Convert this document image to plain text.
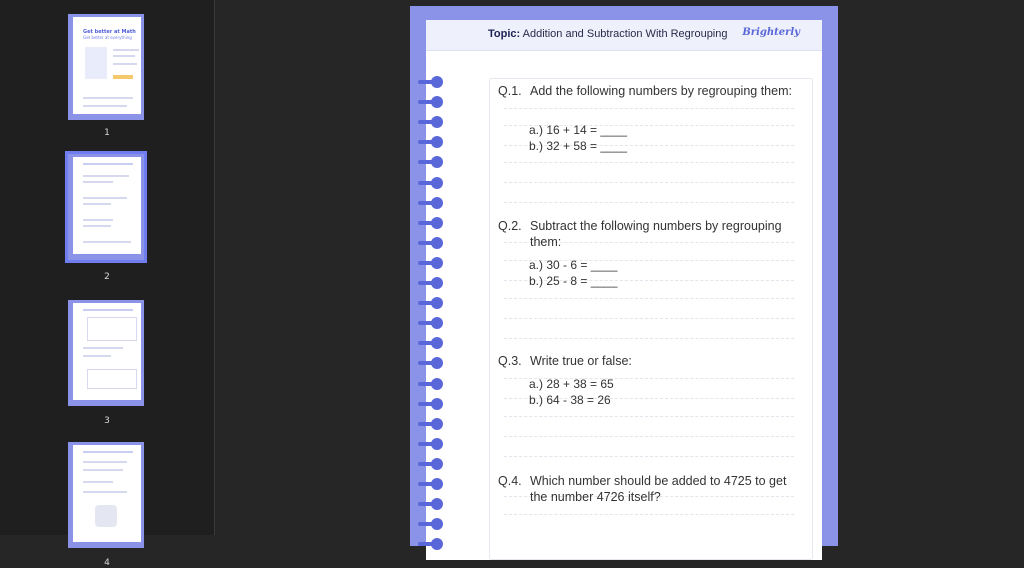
Get better at Math
Get better at everything
1
2
3
4
Topic: Addition and Subtraction With Regrouping Brighterly
Q.1. Add the following numbers by regrouping them:
a.) 16 + 14 = ____
b.) 32 + 58 = ____
Q.2. Subtract the following numbers by regrouping them:
a.) 30 - 6 = ____
b.) 25 - 8 = ____
Q.3. Write true or false:
a.) 28 + 38 = 65
b.) 64 - 38 = 26
Q.4. Which number should be added to 4725 to get the number 4726 itself?
